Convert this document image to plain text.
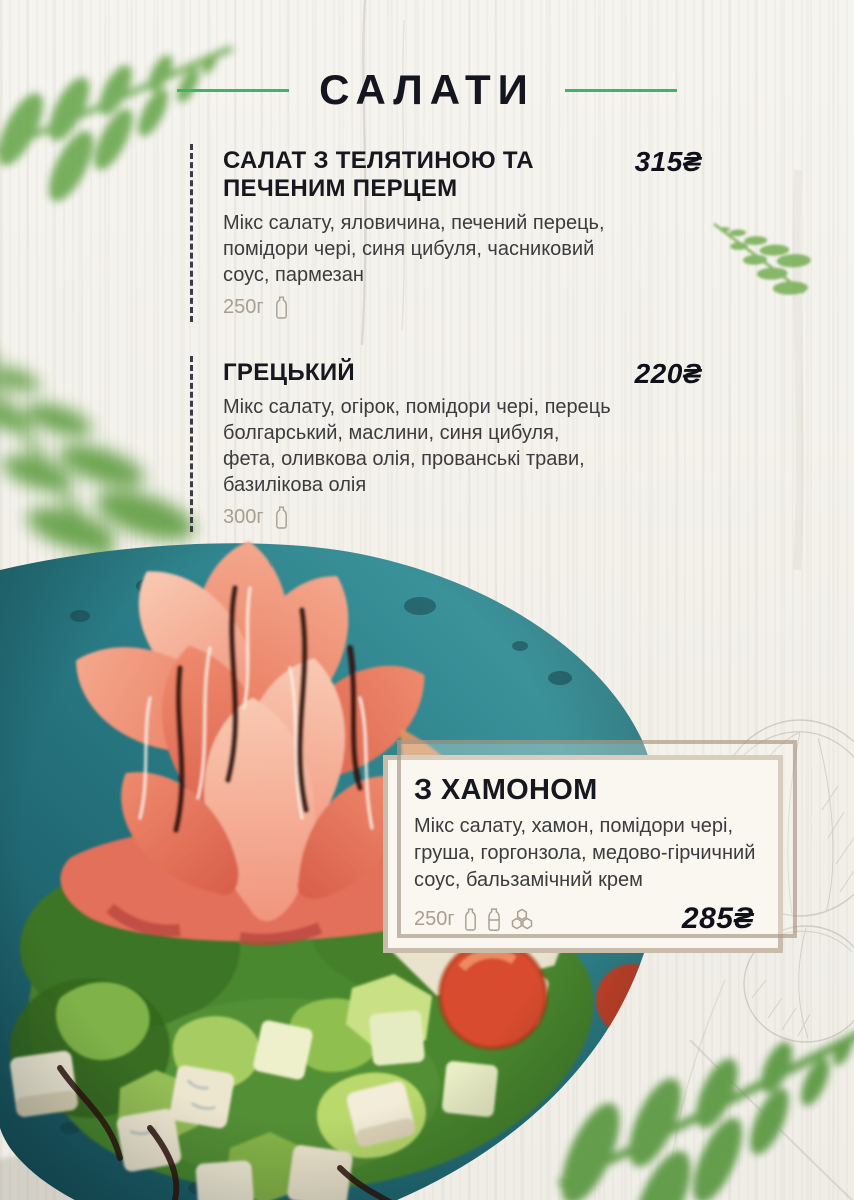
САЛАТИ
САЛАТ З ТЕЛЯТИНОЮ ТА ПЕЧЕНИМ ПЕРЦЕМ
315₴
Мікс салату, яловичина, печений перець, помідори чері, синя цибуля, часниковий соус, пармезан
250г
ГРЕЦЬКИЙ	220₴
Мікс салату, огірок, помідори чері, перець болгарський, маслини, синя цибуля, фета, оливкова олія, прованські трави, базилікова олія
300г
З ХАМОНОМ
Мікс салату, хамон, помідори чері, груша, горгонзола, медово-гірчичний соус, бальзамічний крем
250г	285₴
